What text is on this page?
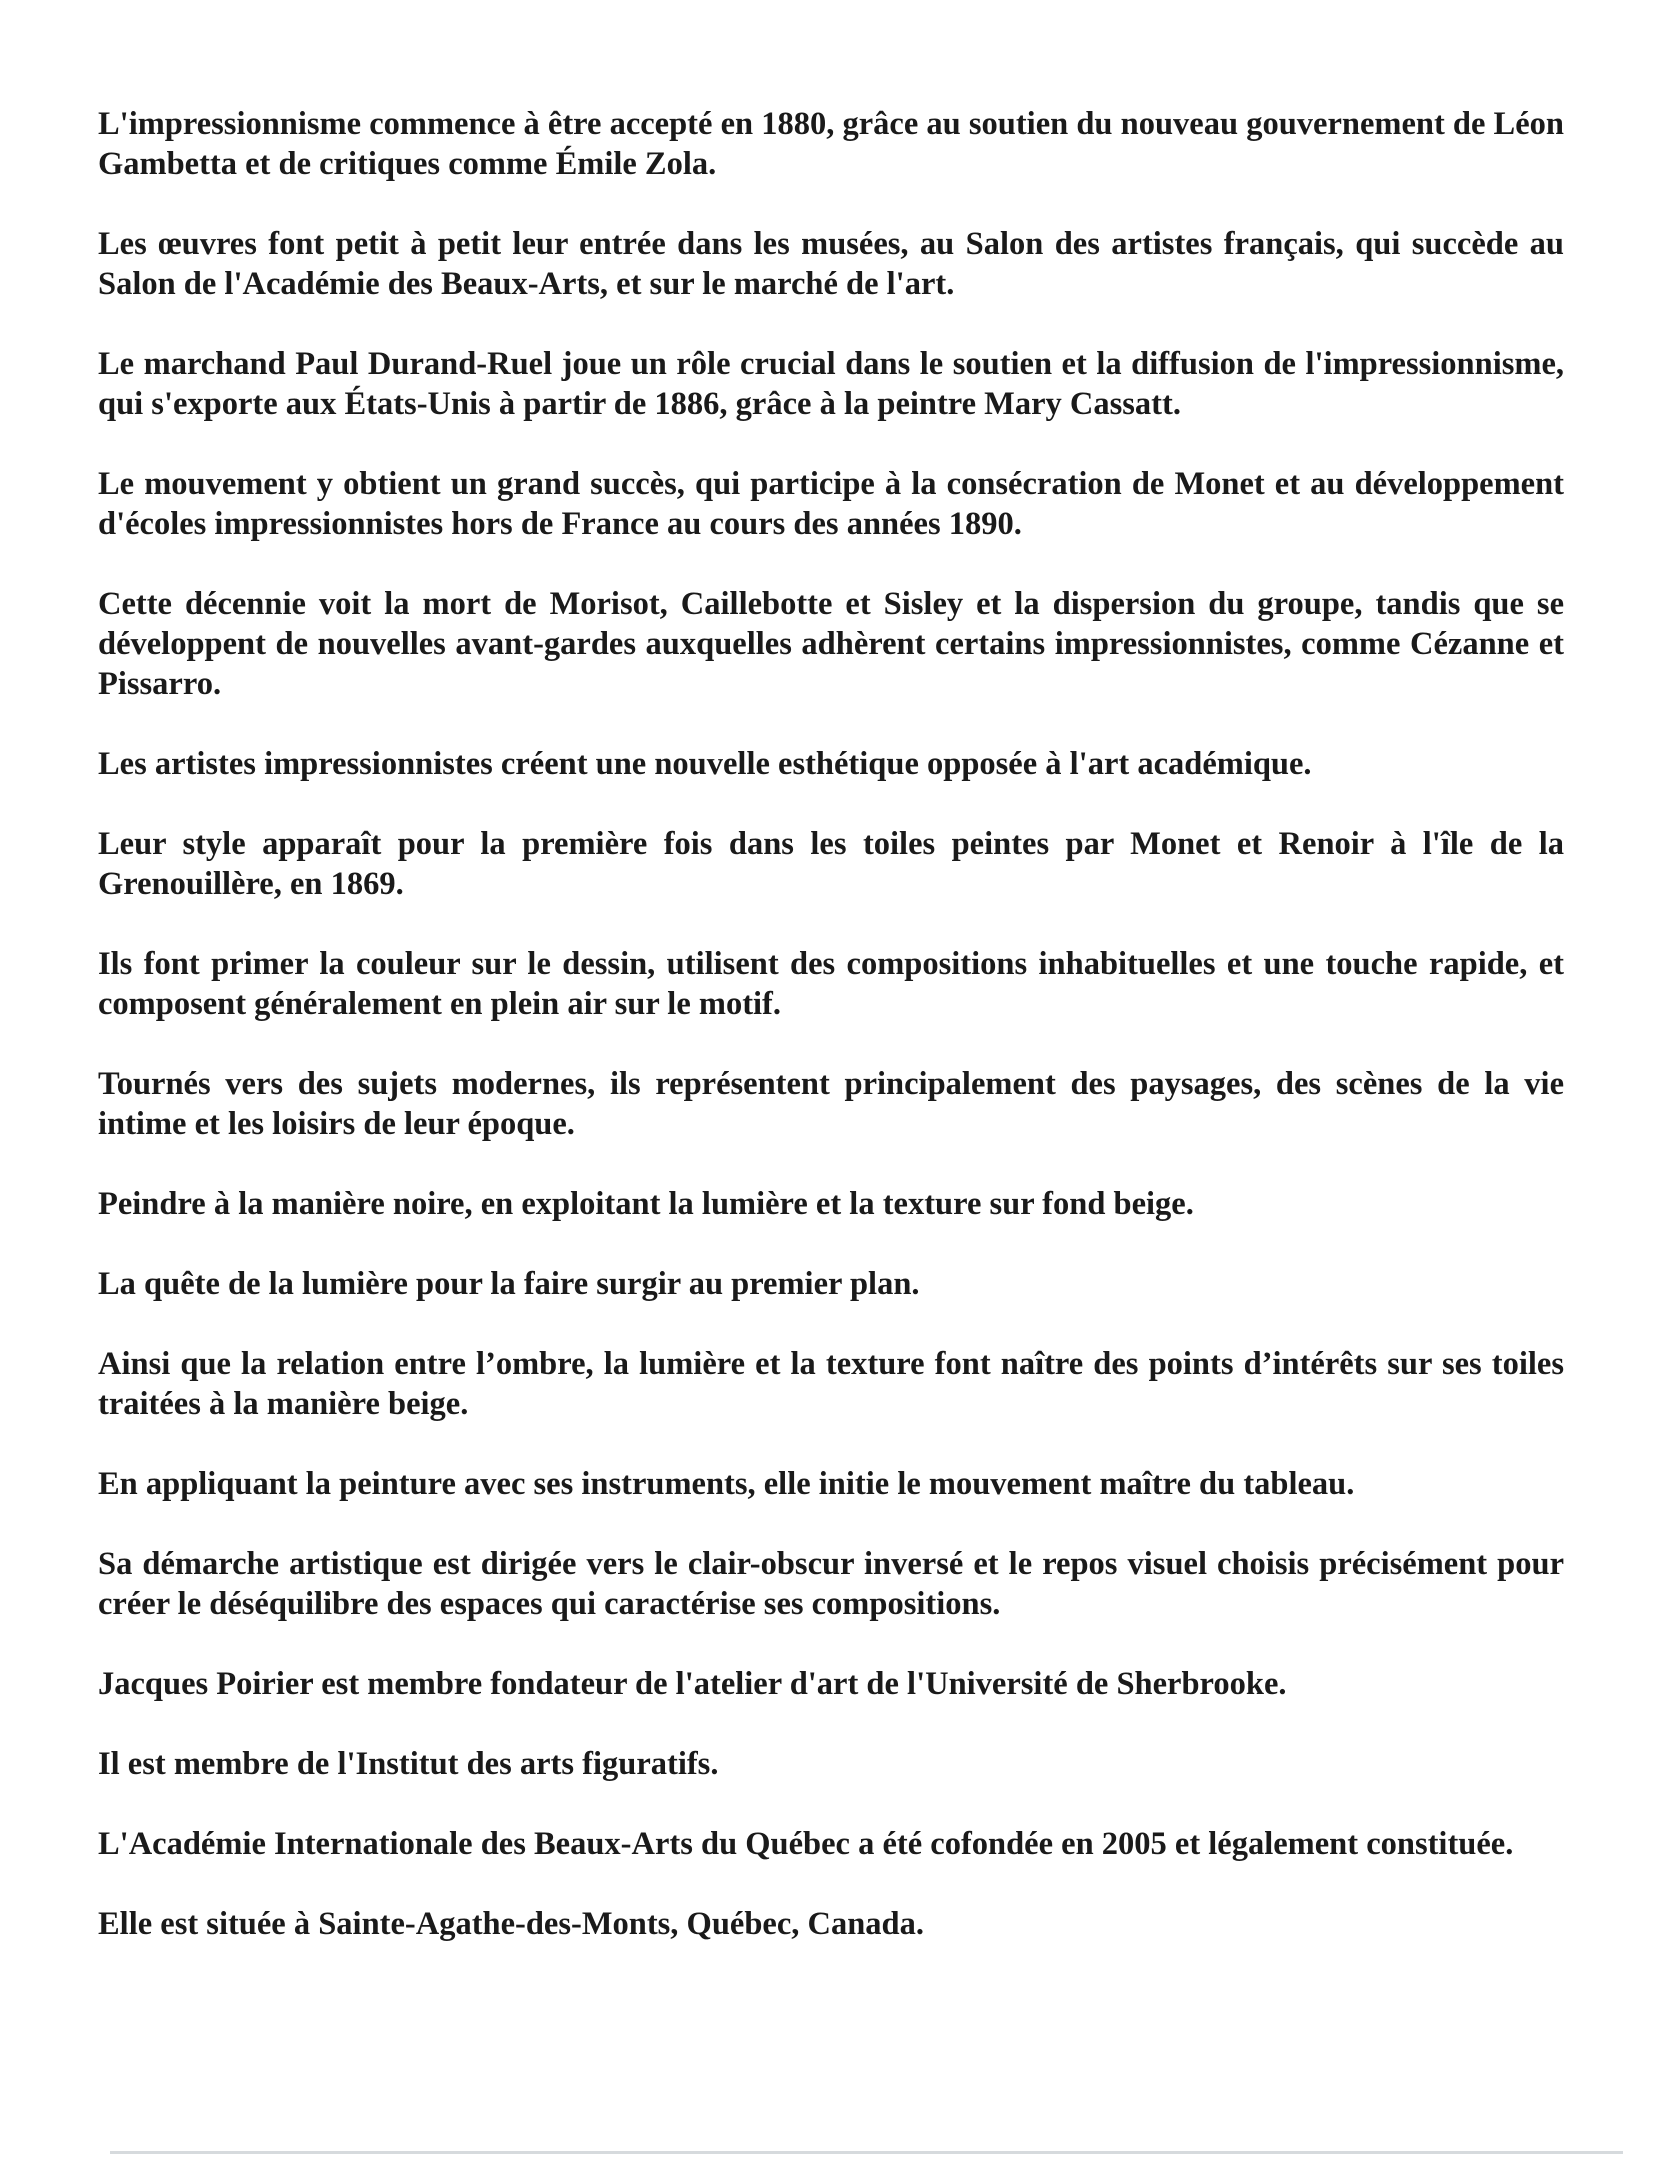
L'impressionnisme commence à être accepté en 1880, grâce au soutien du nouveau gouvernement de Léon Gambetta et de critiques comme Émile Zola.

Les œuvres font petit à petit leur entrée dans les musées, au Salon des artistes français, qui succède au Salon de l'Académie des Beaux-Arts, et sur le marché de l'art.

Le marchand Paul Durand-Ruel joue un rôle crucial dans le soutien et la diffusion de l'impressionnisme, qui s'exporte aux États-Unis à partir de 1886, grâce à la peintre Mary Cassatt.

Le mouvement y obtient un grand succès, qui participe à la consécration de Monet et au développement d'écoles impressionnistes hors de France au cours des années 1890.

Cette décennie voit la mort de Morisot, Caillebotte et Sisley et la dispersion du groupe, tandis que se développent de nouvelles avant-gardes auxquelles adhèrent certains impressionnistes, comme Cézanne et Pissarro.

Les artistes impressionnistes créent une nouvelle esthétique opposée à l'art académique.

Leur style apparaît pour la première fois dans les toiles peintes par Monet et Renoir à l'île de la Grenouillère, en 1869.

Ils font primer la couleur sur le dessin, utilisent des compositions inhabituelles et une touche rapide, et composent généralement en plein air sur le motif.

Tournés vers des sujets modernes, ils représentent principalement des paysages, des scènes de la vie intime et les loisirs de leur époque.

Peindre à la manière noire, en exploitant la lumière et la texture sur fond beige.

La quête de la lumière pour la faire surgir au premier plan.

Ainsi que la relation entre l’ombre, la lumière et la texture font naître des points d’intérêts sur ses toiles traitées à la manière beige.

En appliquant la peinture avec ses instruments, elle initie le mouvement maître du tableau.

Sa démarche artistique est dirigée vers le clair-obscur inversé et le repos visuel choisis précisément pour créer le déséquilibre des espaces qui caractérise ses compositions.

Jacques Poirier est membre fondateur de l'atelier d'art de l'Université de Sherbrooke.

Il est membre de l'Institut des arts figuratifs.

L'Académie Internationale des Beaux-Arts du Québec a été cofondée en 2005 et légalement constituée.

Elle est située à Sainte-Agathe-des-Monts, Québec, Canada.
